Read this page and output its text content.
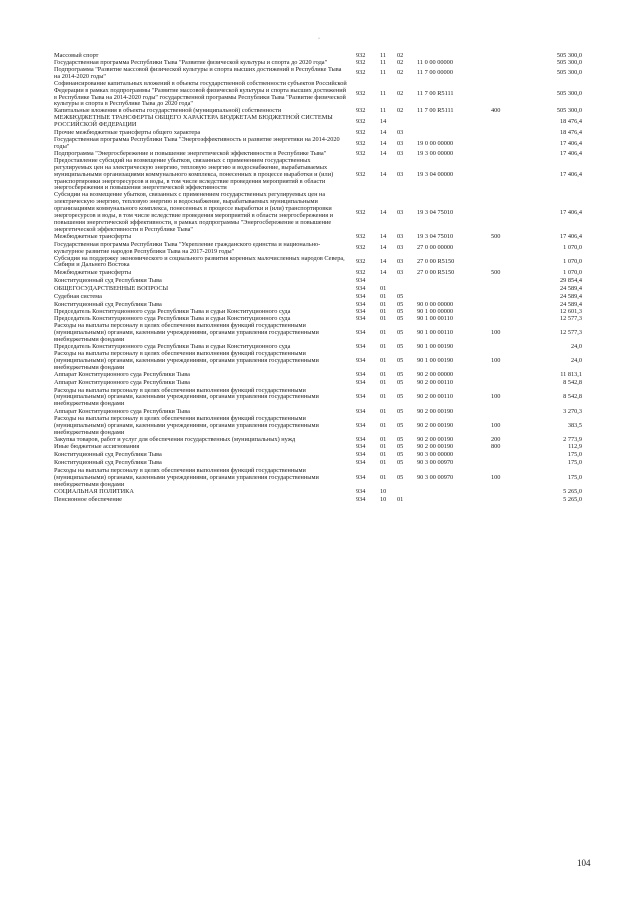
·
Массовый спорт	932	11	02			505 300,0
Государственная программа Республики Тыва "Развитие физической культуры и спорта до 2020 года"	932	11	02	11 0 00 00000		505 300,0
Подпрограмма "Развитие массовой физической культуры и спорта высших достижений в Республике Тыва на 2014-2020 годы"	932	11	02	11 7 00 00000		505 300,0
Софинансирование капитальных вложений в объекты государственной собственности субъектов Российской Федерации в рамках подпрограммы "Развитие массовой физической культуры и спорта высших достижений в Республике Тыва на 2014-2020 годы" государственной программы Республики Тыва "Развитие физической культуры и спорта в Республике Тыва до 2020 года"	932	11	02	11 7 00 R5111		505 300,0
Капитальные вложения в объекты государственной (муниципальной) собственности	932	11	02	11 7 00 R5111	400	505 300,0
МЕЖБЮДЖЕТНЫЕ ТРАНСФЕРТЫ ОБЩЕГО ХАРАКТЕРА БЮДЖЕТАМ БЮДЖЕТНОЙ СИСТЕМЫ РОССИЙСКОЙ ФЕДЕРАЦИИ	932	14				18 476,4
Прочие межбюджетные трансферты общего характера	932	14	03			18 476,4
Государственная программа Республики Тыва "Энергоэффективность и развитие энергетики на 2014-2020 годы"	932	14	03	19 0 00 00000		17 406,4
Подпрограмма "Энергосбережение и повышение энергетической эффективности в Республике Тыва"	932	14	03	19 3 00 00000		17 406,4
Предоставление субсидий на возмещение убытков, связанных с применением государственных регулируемых цен на электрическую энергию, тепловую энергию и водоснабжение, вырабатываемых муниципальными организациями коммунального комплекса, понесенных в процессе выработки и (или) транспортировки энергоресурсов и воды, в том числе вследствие проведения мероприятий в области энергосбережения и повышения энергетической эффективности	932	14	03	19 3 04 00000		17 406,4
Субсидии на возмещение убытков, связанных с применением государственных регулируемых цен на электрическую энергию, тепловую энергию и водоснабжение, вырабатываемых муниципальными организациями коммунального комплекса, понесенных в процессе выработки и (или) транспортировки энергоресурсов и воды, в том числе вследствие проведения мероприятий в области энергосбережения и повышения энергетической эффективности, в рамках подпрограммы "Энергосбережение и повышение энергетической эффективности в Республике Тыва"	932	14	03	19 3 04 75010		17 406,4
Межбюджетные трансферты	932	14	03	19 3 04 75010	500	17 406,4
Государственная программа Республики Тыва "Укрепление гражданского единства и национально-культурное развитие народов Республики Тыва на 2017-2019 годы"	932	14	03	27 0 00 00000		1 070,0
Субсидия на поддержку экономического и социального развития коренных малочисленных народов Севера, Сибири и Дальнего Востока	932	14	03	27 0 00 R5150		1 070,0
Межбюджетные трансферты	932	14	03	27 0 00 R5150	500	1 070,0
Конституционный суд Республики Тыва	934					29 854,4
ОБЩЕГОСУДАРСТВЕННЫЕ ВОПРОСЫ	934	01				24 589,4
Судебная система	934	01	05			24 589,4
Конституционный суд Республики Тыва	934	01	05	90 0 00 00000		24 589,4
Председатель Конституционного суда Республики Тыва и судьи Конституционного суда	934	01	05	90 1 00 00000		12 601,3
Председатель Конституционного суда Республики Тыва и судьи Конституционного суда	934	01	05	90 1 00 00110		12 577,3
Расходы на выплаты персоналу в целях обеспечения выполнения функций государственными (муниципальными) органами, казенными учреждениями, органами управления государственными внебюджетными фондами	934	01	05	90 1 00 00110	100	12 577,3
Председатель Конституционного суда Республики Тыва и судьи Конституционного суда	934	01	05	90 1 00 00190		24,0
Расходы на выплаты персоналу в целях обеспечения выполнения функций государственными (муниципальными) органами, казенными учреждениями, органами управления государственными внебюджетными фондами	934	01	05	90 1 00 00190	100	24,0
Аппарат Конституционного суда Республики Тыва	934	01	05	90 2 00 00000		11 813,1
Аппарат Конституционного суда Республики Тыва	934	01	05	90 2 00 00110		8 542,8
Расходы на выплаты персоналу в целях обеспечения выполнения функций государственными (муниципальными) органами, казенными учреждениями, органами управления государственными внебюджетными фондами	934	01	05	90 2 00 00110	100	8 542,8
Аппарат Конституционного суда Республики Тыва	934	01	05	90 2 00 00190		3 270,3
Расходы на выплаты персоналу в целях обеспечения выполнения функций государственными (муниципальными) органами, казенными учреждениями, органами управления государственными внебюджетными фондами	934	01	05	90 2 00 00190	100	383,5
Закупка товаров, работ и услуг для обеспечения государственных (муниципальных) нужд	934	01	05	90 2 00 00190	200	2 773,9
Иные бюджетные ассигнования	934	01	05	90 2 00 00190	800	112,9
Конституционный суд Республики Тыва	934	01	05	90 3 00 00000		175,0
Конституционный суд Республики Тыва	934	01	05	90 3 00 00970		175,0
Расходы на выплаты персоналу в целях обеспечения выполнения функций государственными (муниципальными) органами, казенными учреждениями, органами управления государственными внебюджетными фондами	934	01	05	90 3 00 00970	100	175,0
СОЦИАЛЬНАЯ ПОЛИТИКА	934	10				5 265,0
Пенсионное обеспечение	934	10	01			5 265,0
104
